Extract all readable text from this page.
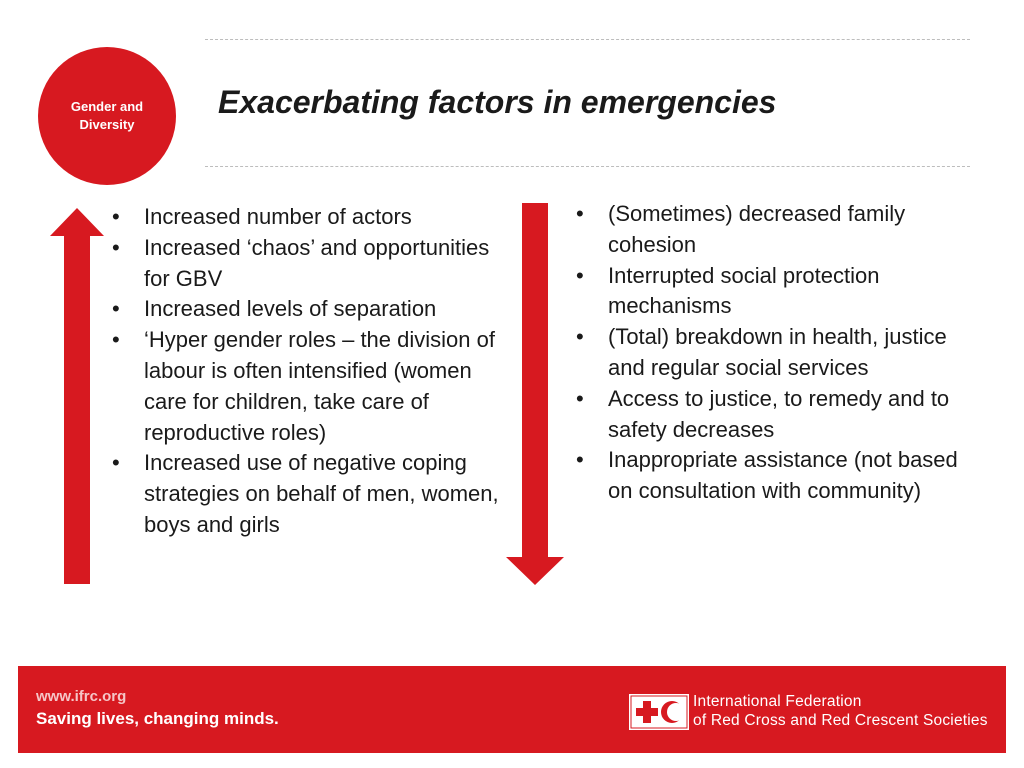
Gender and Diversity
Exacerbating factors in emergencies
• Increased number of actors
• Increased ‘chaos’ and opportunities for GBV
• Increased levels of separation
• ‘Hyper gender roles – the division of labour is often intensified (women care for children, take care of reproductive roles)
• Increased use of negative coping strategies on behalf of men, women, boys and girls
• (Sometimes) decreased family cohesion
• Interrupted social protection mechanisms
• (Total) breakdown in health, justice and regular social services
• Access to justice, to remedy and to safety decreases
• Inappropriate assistance (not based on consultation with community)
www.ifrc.org
Saving lives, changing minds.
International Federation
of Red Cross and Red Crescent Societies
